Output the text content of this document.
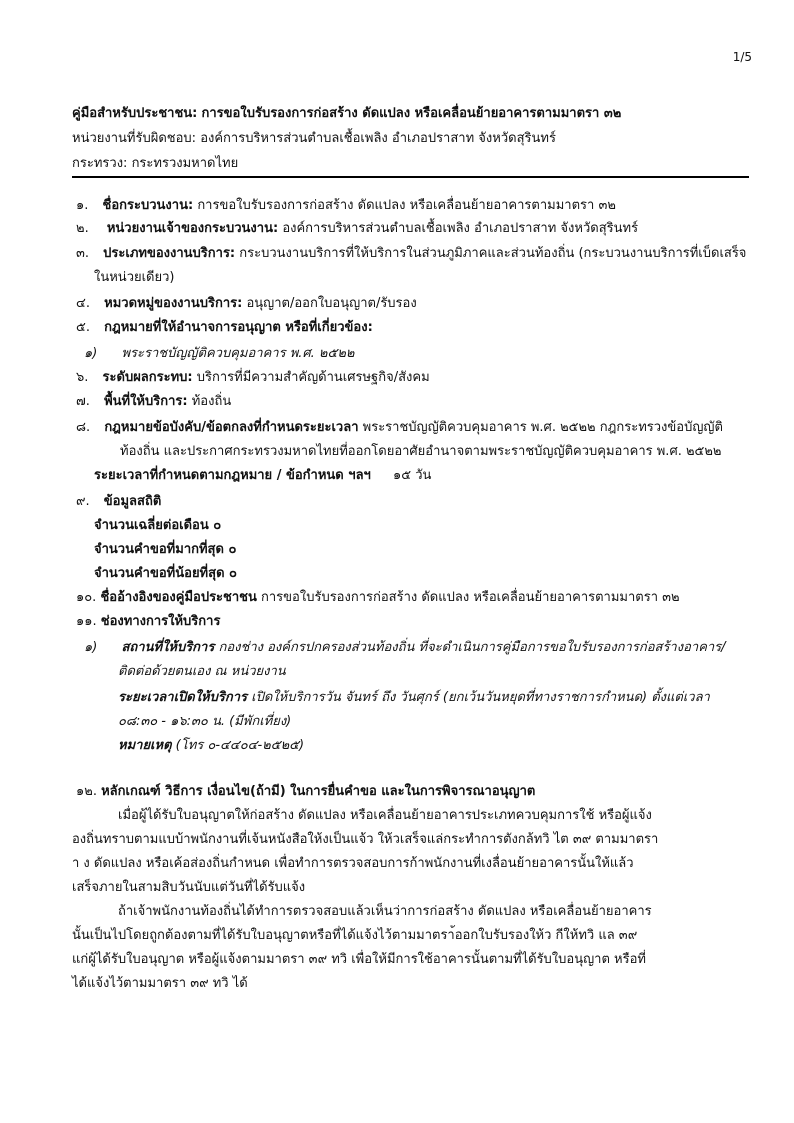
1/5
คู่มือสำหรับประชาชน: การขอใบรับรองการก่อสร้าง ดัดแปลง หรือเคลื่อนย้ายอาคารตามมาตรา ๓๒
หน่วยงานที่รับผิดชอบ: องค์การบริหารส่วนตำบลเชื้อเพลิง อำเภอปราสาท จังหวัดสุรินทร์
กระทรวง: กระทรวงมหาดไทย
๑. ชื่อกระบวนงาน: การขอใบรับรองการก่อสร้าง ดัดแปลง หรือเคลื่อนย้ายอาคารตามมาตรา ๓๒
๒. หน่วยงานเจ้าของกระบวนงาน: องค์การบริหารส่วนตำบลเชื้อเพลิง อำเภอปราสาท จังหวัดสุรินทร์
๓. ประเภทของงานบริการ: กระบวนงานบริการที่ให้บริการในส่วนภูมิภาคและส่วนท้องถิ่น (กระบวนงานบริการที่เบ็ดเสร็จ
ในหน่วยเดียว)
๔. หมวดหมู่ของงานบริการ: อนุญาต/ออกใบอนุญาต/รับรอง
๕. กฎหมายที่ให้อำนาจการอนุญาต หรือที่เกี่ยวข้อง:
๑) พระราชบัญญัติควบคุมอาคาร พ.ศ. ๒๕๒๒
๖. ระดับผลกระทบ: บริการที่มีความสำคัญด้านเศรษฐกิจ/สังคม
๗. พื้นที่ให้บริการ: ท้องถิ่น
๘. กฎหมายข้อบังคับ/ข้อตกลงที่กำหนดระยะเวลา พระราชบัญญัติควบคุมอาคาร พ.ศ. ๒๕๒๒ กฎกระทรวงข้อบัญญัติ
ท้องถิ่น และประกาศกระทรวงมหาดไทยที่ออกโดยอาศัยอำนาจตามพระราชบัญญัติควบคุมอาคาร พ.ศ. ๒๕๒๒
ระยะเวลาที่กำหนดตามกฎหมาย / ข้อกำหนด ฯลฯ ๑๕ วัน
๙. ข้อมูลสถิติ
จำนวนเฉลี่ยต่อเดือน ๐
จำนวนคำขอที่มากที่สุด ๐
จำนวนคำขอที่น้อยที่สุด ๐
๑๐. ชื่ออ้างอิงของคู่มือประชาชน การขอใบรับรองการก่อสร้าง ดัดแปลง หรือเคลื่อนย้ายอาคารตามมาตรา ๓๒
๑๑. ช่องทางการให้บริการ
๑) สถานที่ให้บริการ กองช่าง องค์กรปกครองส่วนท้องถิ่น ที่จะดำเนินการคู่มือการขอใบรับรองการก่อสร้างอาคาร/
ติดต่อด้วยตนเอง ณ หน่วยงาน
ระยะเวลาเปิดให้บริการ เปิดให้บริการวัน จันทร์ ถึง วันศุกร์ (ยกเว้นวันหยุดที่ทางราชการกำหนด) ตั้งแต่เวลา
๐๘:๓๐ - ๑๖:๓๐ น. (มีพักเที่ยง)
หมายเหตุ (โทร ๐-๔๔๐๔-๒๕๒๕)
๑๒. หลักเกณฑ์ วิธีการ เงื่อนไข(ถ้ามี) ในการยื่นคำขอ และในการพิจารณาอนุญาต
เมื่อผู้ได้รับใบอนุญาตให้ก่อสร้าง ดัดแปลง หรือเคลื่อนย้ายอาคารประเภทควบคุมการใช้ หรือผู้แจ้ง
องถิ่นทราบตามแบบ้าพนักงานที่เจ้นหนังสือให้งเป็นแจ้ว ให้วเสร็จแล่กระทำการตังกล้ทวิ ไต ๓๙ ตามมาตรา
า ง ดัดแปลง หรือเค้อส่องถิ่นกำหนด เพื่อทำการตรวจสอบการก้าพนักงานที่เงลื่อนย้ายอาคารนั้นให้แล้ว
เสร็จภายในสามสิบวันนับแต่วันที่ได้รับแจ้ง
ถ้าเจ้าพนักงานท้องถิ่นได้ทำการตรวจสอบแล้วเห็นว่าการก่อสร้าง ดัดแปลง หรือเคลื่อนย้ายอาคาร
นั้นเป็นไปโดยถูกต้องตามที่ได้รับใบอนุญาตหรือที่ได้แจ้งไว้ตามมาตรา้ออกใบรับรองให้ว กีให้ทวิ แล ๓๙
แก่ผู้ได้รับใบอนุญาต หรือผู้แจ้งตามมาตรา ๓๙ ทวิ เพื่อให้มีการใช้อาคารนั้นตามที่ได้รับใบอนุญาต หรือที่
ได้แจ้งไว้ตามมาตรา ๓๙ ทวิ ได้
